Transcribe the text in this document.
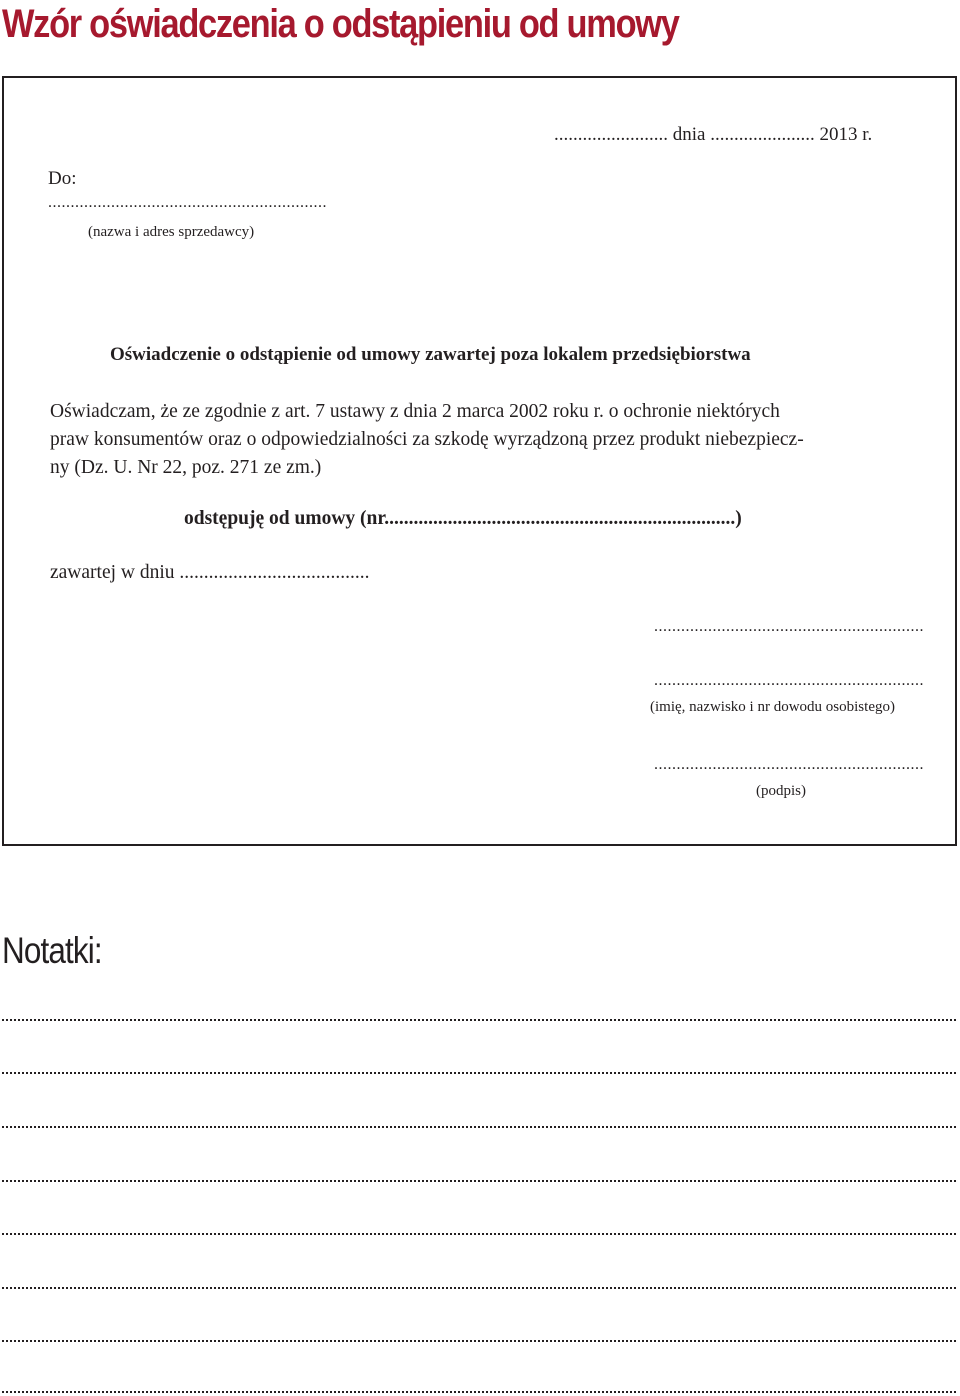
Wzór oświadczenia o odstąpieniu od umowy
........................ dnia ...................... 2013 r.
Do:
..............................................................
(nazwa i adres sprzedawcy)
Oświadczenie o odstąpienie od umowy zawartej poza lokalem przedsiębiorstwa
Oświadczam, że ze zgodnie z art. 7 ustawy z dnia 2 marca 2002 roku r. o ochronie niektórych
praw konsumentów oraz o odpowiedzialności za szkodę wyrządzoną przez produkt niebezpiecz-
ny (Dz. U. Nr 22, poz. 271 ze zm.)
odstępuję od umowy (nr........................................................................)
zawartej w dniu .......................................
............................................................
............................................................
(imię, nazwisko i nr dowodu osobistego)
............................................................
(podpis)
Notatki:
